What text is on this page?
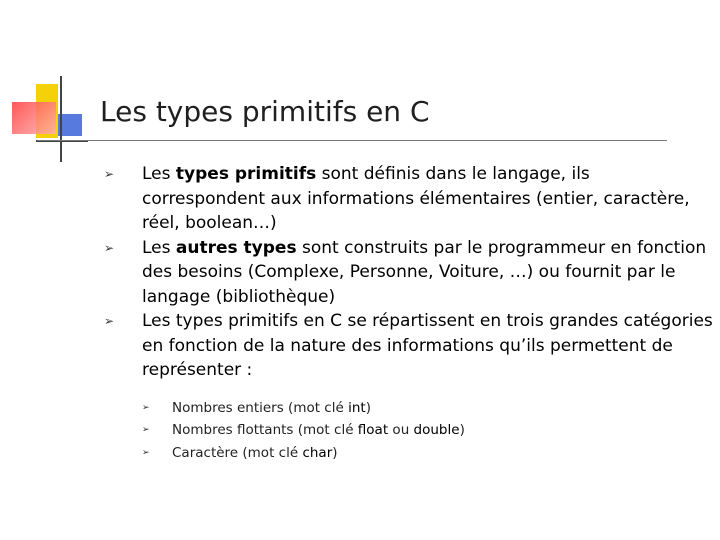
Les types primitifs en C
➢ Les types primitifs sont définis dans le langage, ils correspondent aux informations élémentaires (entier, caractère, réel, boolean…)
➢ Les autres types sont construits par le programmeur en fonction des besoins (Complexe, Personne, Voiture, …) ou fournit par le langage (bibliothèque)
➢ Les types primitifs en C se répartissent en trois grandes catégories en fonction de la nature des informations qu’ils permettent de représenter :
➢ Nombres entiers (mot clé int)
➢ Nombres flottants (mot clé float ou double)
➢ Caractère (mot clé char)
